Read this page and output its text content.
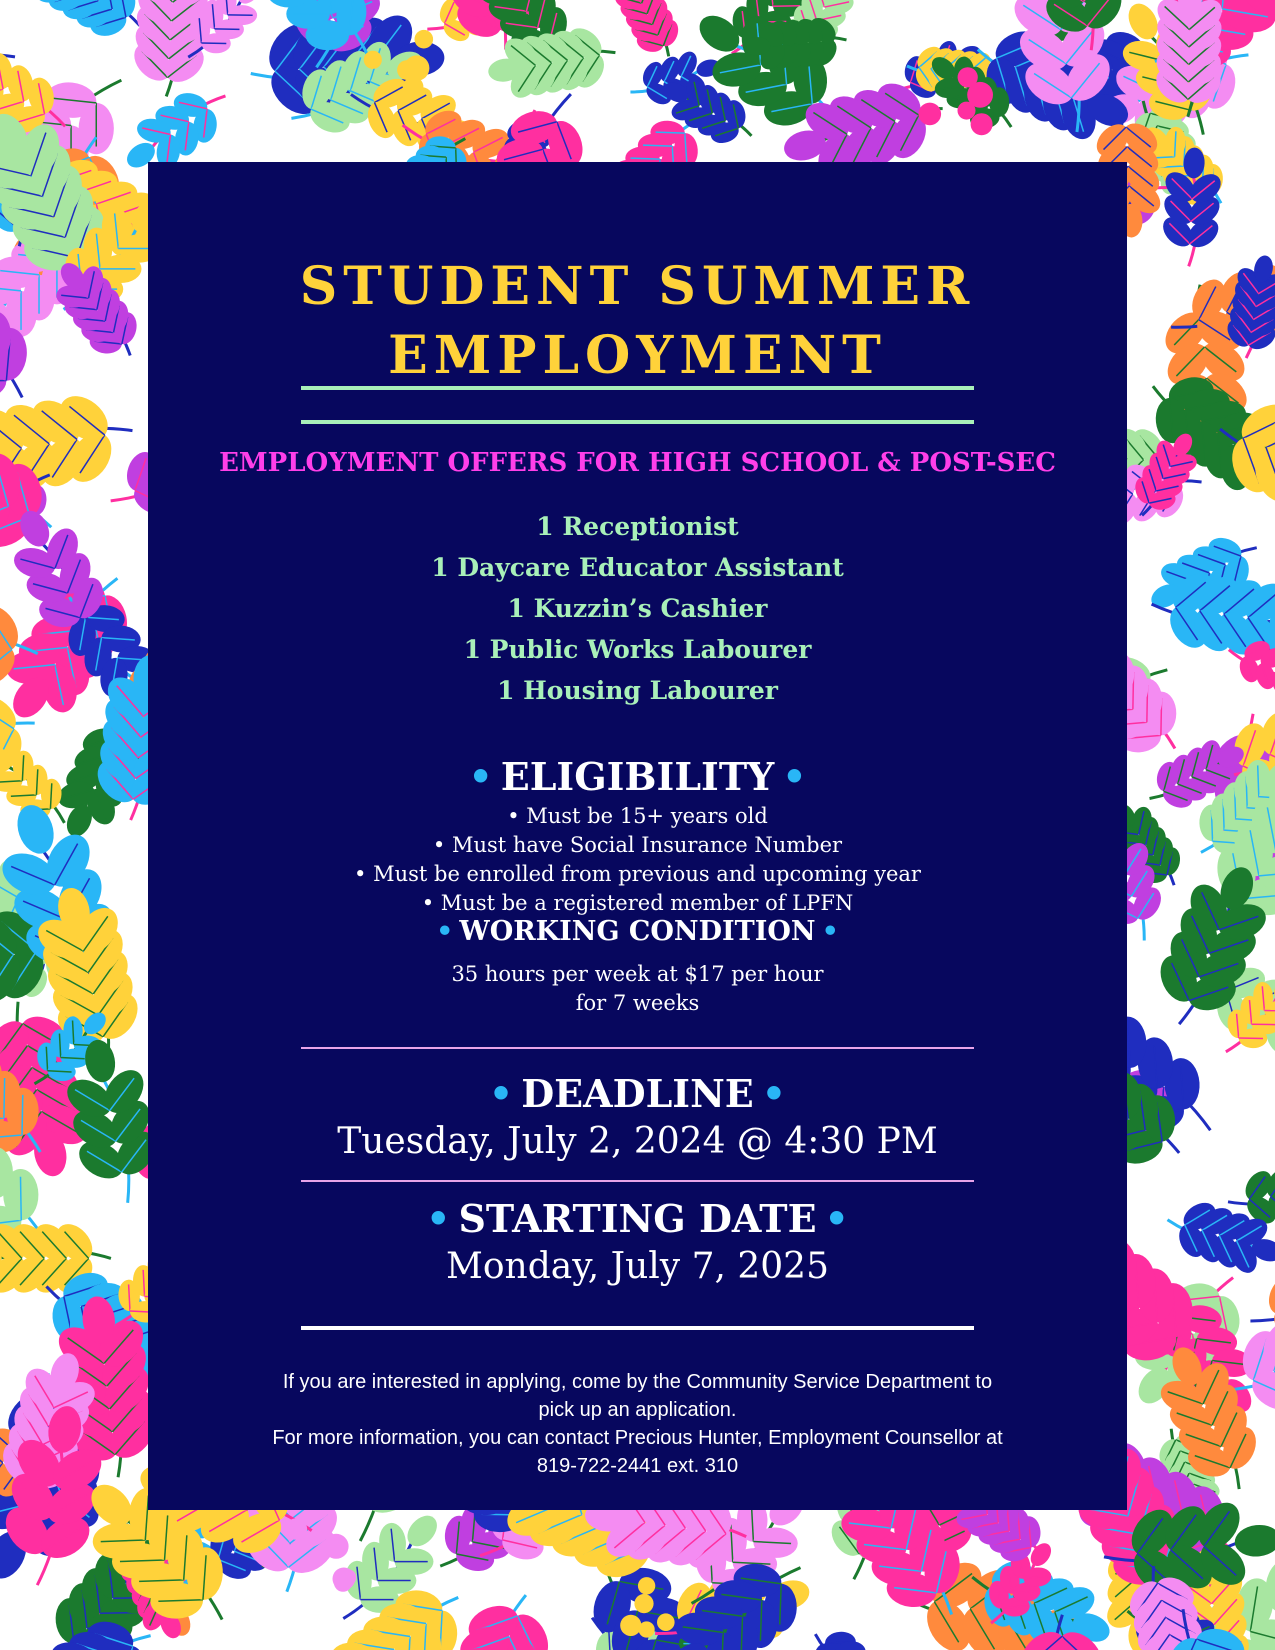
STUDENT SUMMER
EMPLOYMENT
EMPLOYMENT OFFERS FOR HIGH SCHOOL & POST-SEC
1 Receptionist
1 Daycare Educator Assistant
1 Kuzzin’s Cashier
1 Public Works Labourer
1 Housing Labourer
• ELIGIBILITY •
• Must be 15+ years old
• Must have Social Insurance Number
• Must be enrolled from previous and upcoming year
• Must be a registered member of LPFN
• WORKING CONDITION •
35 hours per week at $17 per hour
for 7 weeks
• DEADLINE •
Tuesday, July 2, 2024 @ 4:30 PM
• STARTING DATE •
Monday, July 7, 2025
If you are interested in applying, come by the Community Service Department to
pick up an application.
For more information, you can contact Precious Hunter, Employment Counsellor at
819-722-2441 ext. 310
